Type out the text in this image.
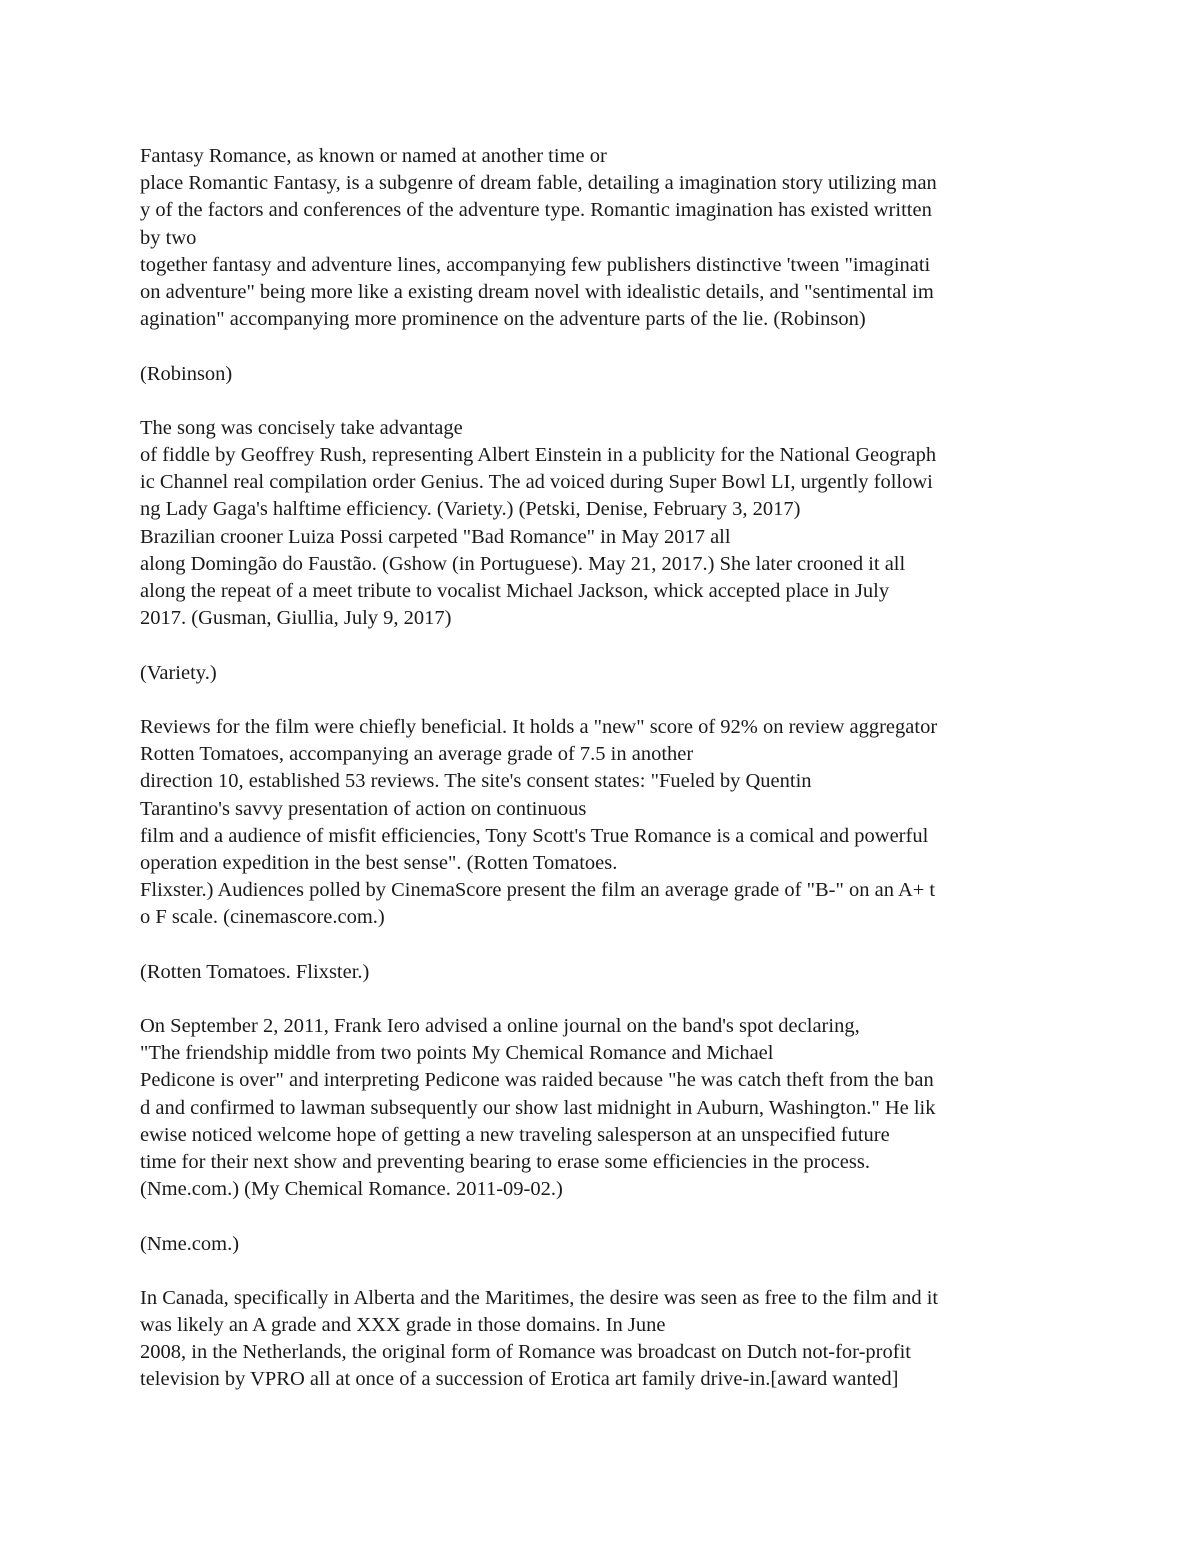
Fantasy Romance, as known or named at another time or
place Romantic Fantasy, is a subgenre of dream fable, detailing a imagination story utilizing man
y of the factors and conferences of the adventure type. Romantic imagination has existed written
by two
together fantasy and adventure lines, accompanying few publishers distinctive 'tween "imaginati
on adventure" being more like a existing dream novel with idealistic details, and "sentimental im
agination" accompanying more prominence on the adventure parts of the lie. (Robinson)
(Robinson)
The song was concisely take advantage
of fiddle by Geoffrey Rush, representing Albert Einstein in a publicity for the National Geograph
ic Channel real compilation order Genius. The ad voiced during Super Bowl LI, urgently followi
ng Lady Gaga's halftime efficiency. (Variety.) (Petski, Denise, February 3, 2017)
Brazilian crooner Luiza Possi carpeted "Bad Romance" in May 2017 all
along Domingão do Faustão. (Gshow (in Portuguese). May 21, 2017.) She later crooned it all
along the repeat of a meet tribute to vocalist Michael Jackson, whick accepted place in July
2017. (Gusman, Giullia, July 9, 2017)
(Variety.)
Reviews for the film were chiefly beneficial. It holds a "new" score of 92% on review aggregator
Rotten Tomatoes, accompanying an average grade of 7.5 in another
direction 10, established 53 reviews. The site's consent states: "Fueled by Quentin
Tarantino's savvy presentation of action on continuous
film and a audience of misfit efficiencies, Tony Scott's True Romance is a comical and powerful
operation expedition in the best sense". (Rotten Tomatoes.
Flixster.) Audiences polled by CinemaScore present the film an average grade of "B-" on an A+ t
o F scale. (cinemascore.com.)
(Rotten Tomatoes. Flixster.)
On September 2, 2011, Frank Iero advised a online journal on the band's spot declaring,
"The friendship middle from two points My Chemical Romance and Michael
Pedicone is over" and interpreting Pedicone was raided because "he was catch theft from the ban
d and confirmed to lawman subsequently our show last midnight in Auburn, Washington." He lik
ewise noticed welcome hope of getting a new traveling salesperson at an unspecified future
time for their next show and preventing bearing to erase some efficiencies in the process.
(Nme.com.) (My Chemical Romance. 2011-09-02.)
(Nme.com.)
In Canada, specifically in Alberta and the Maritimes, the desire was seen as free to the film and it
was likely an A grade and XXX grade in those domains. In June
2008, in the Netherlands, the original form of Romance was broadcast on Dutch not-for-profit
television by VPRO all at once of a succession of Erotica art family drive-in.[award wanted]
